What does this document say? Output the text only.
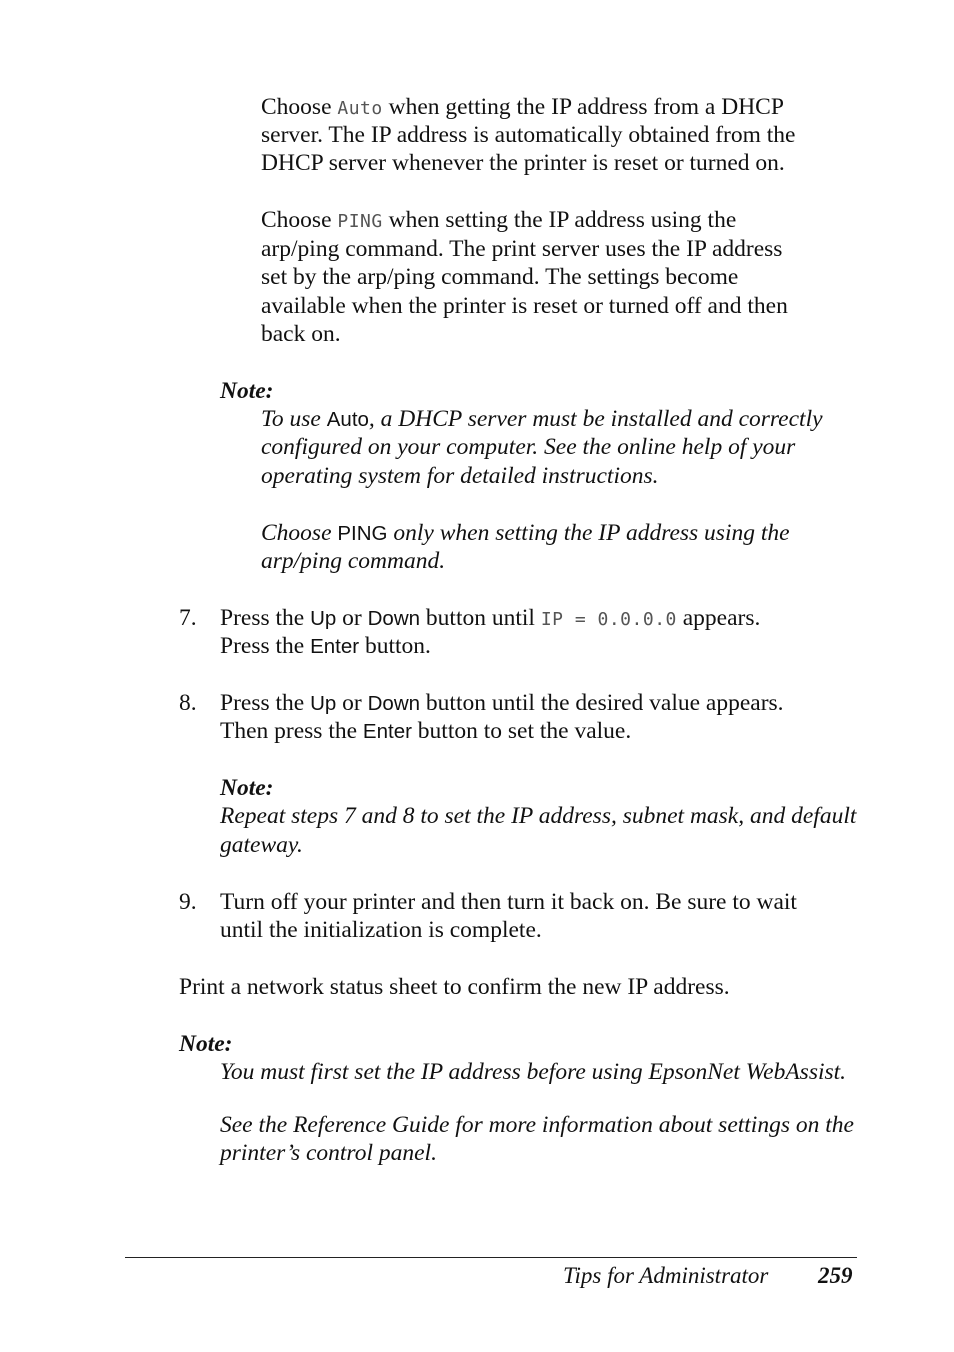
Choose Auto when getting the IP address from a DHCP

server. The IP address is automatically obtained from the

DHCP server whenever the printer is reset or turned on.

Choose PING when setting the IP address using the

arp/ping command. The print server uses the IP address

set by the arp/ping command. The settings become

available when the printer is reset or turned off and then

back on.

Note:

To use Auto, a DHCP server must be installed and correctly

configured on your computer. See the online help of your

operating system for detailed instructions.

Choose PING only when setting the IP address using the

arp/ping command.

7. Press the Up or Down button until IP = 0.0.0.0 appears.

Press the Enter button.

8. Press the Up or Down button until the desired value appears.

Then press the Enter button to set the value.

Note:

Repeat steps 7 and 8 to set the IP address, subnet mask, and default

gateway.

9. Turn off your printer and then turn it back on. Be sure to wait

until the initialization is complete.

Print a network status sheet to confirm the new IP address.

Note:

You must first set the IP address before using EpsonNet WebAssist.

See the Reference Guide for more information about settings on the

printer’s control panel.

Tips for Administrator 259
